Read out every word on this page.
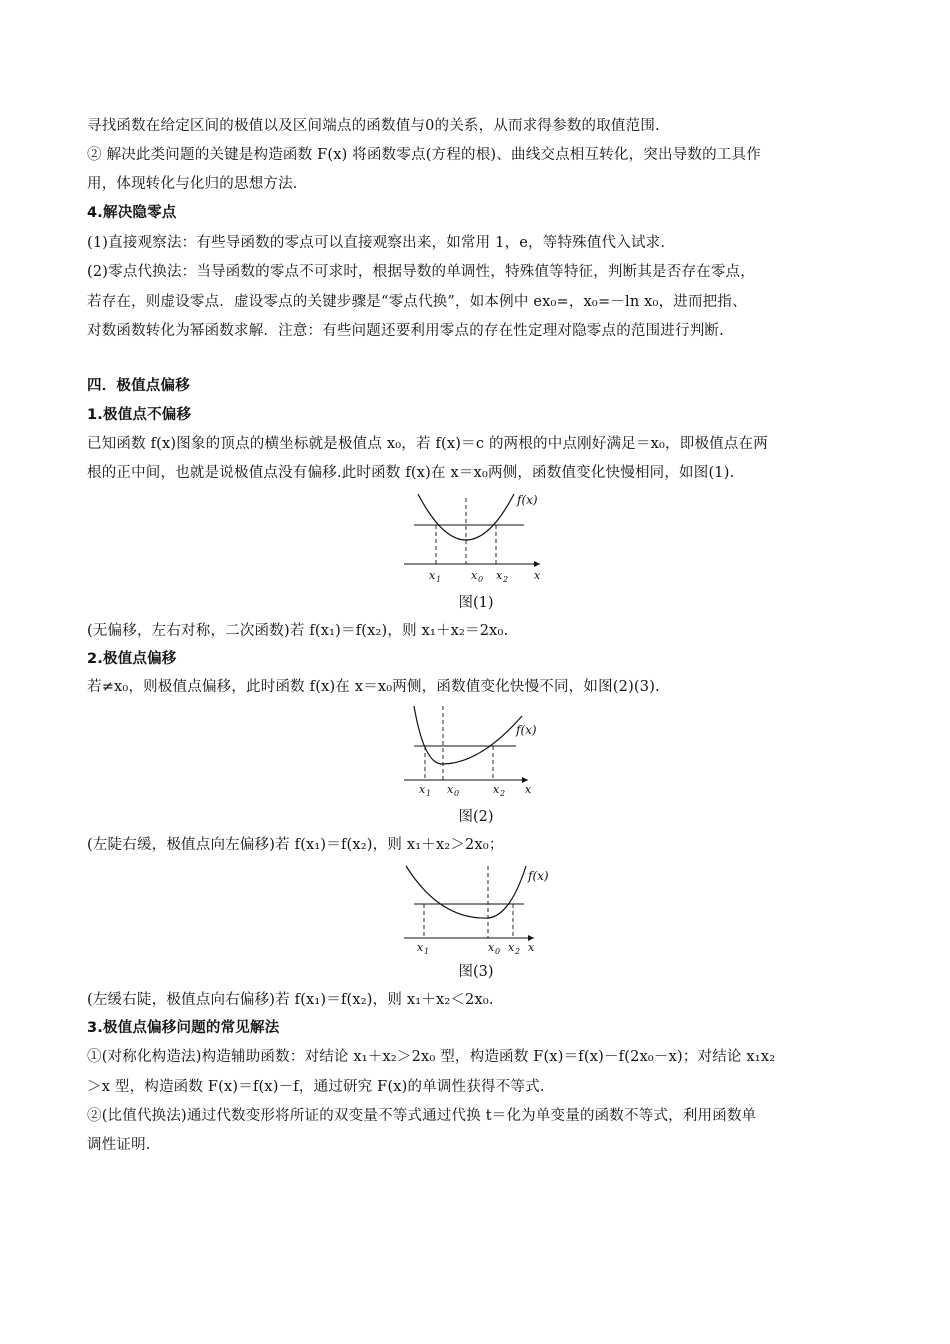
寻找函数在给定区间的极值以及区间端点的函数值与0的关系，从而求得参数的取值范围.
② 解决此类问题的关键是构造函数 F(x) 将函数零点(方程的根)、曲线交点相互转化，突出导数的工具作
用，体现转化与化归的思想方法.
4.解决隐零点
(1)直接观察法：有些导函数的零点可以直接观察出来，如常用 1，e，等特殊值代入试求.
(2)零点代换法：当导函数的零点不可求时，根据导数的单调性，特殊值等特征，判断其是否存在零点，
若存在，则虚设零点．虚设零点的关键步骤是“零点代换”，如本例中 ex₀=，x₀=－ln x₀，进而把指、
对数函数转化为幂函数求解．注意：有些问题还要利用零点的存在性定理对隐零点的范围进行判断.
四．极值点偏移
1.极值点不偏移
已知函数 f(x)图象的顶点的横坐标就是极值点 x₀，若 f(x)＝c 的两根的中点刚好满足＝x₀，即极值点在两
根的正中间，也就是说极值点没有偏移.此时函数 f(x)在 x＝x₀两侧，函数值变化快慢相同，如图(1).
f(x)
x 1	x 0 x 2 x
图(1)
(无偏移，左右对称，二次函数)若 f(x₁)＝f(x₂)，则 x₁＋x₂＝2x₀.
2.极值点偏移
若≠x₀，则极值点偏移，此时函数 f(x)在 x＝x₀两侧，函数值变化快慢不同，如图(2)(3).
f(x)
x 1 x 0	x 2 x
图(2)
(左陡右缓，极值点向左偏移)若 f(x₁)＝f(x₂)，则 x₁＋x₂＞2x₀；
f(x)
x 1	x 0 x 2 x
图(3)
(左缓右陡，极值点向右偏移)若 f(x₁)＝f(x₂)，则 x₁＋x₂＜2x₀.
3.极值点偏移问题的常见解法
①(对称化构造法)构造辅助函数：对结论 x₁＋x₂＞2x₀ 型，构造函数 F(x)＝f(x)－f(2x₀－x)；对结论 x₁x₂
＞x 型，构造函数 F(x)＝f(x)－f，通过研究 F(x)的单调性获得不等式.
②(比值代换法)通过代数变形将所证的双变量不等式通过代换 t＝化为单变量的函数不等式，利用函数单
调性证明.
